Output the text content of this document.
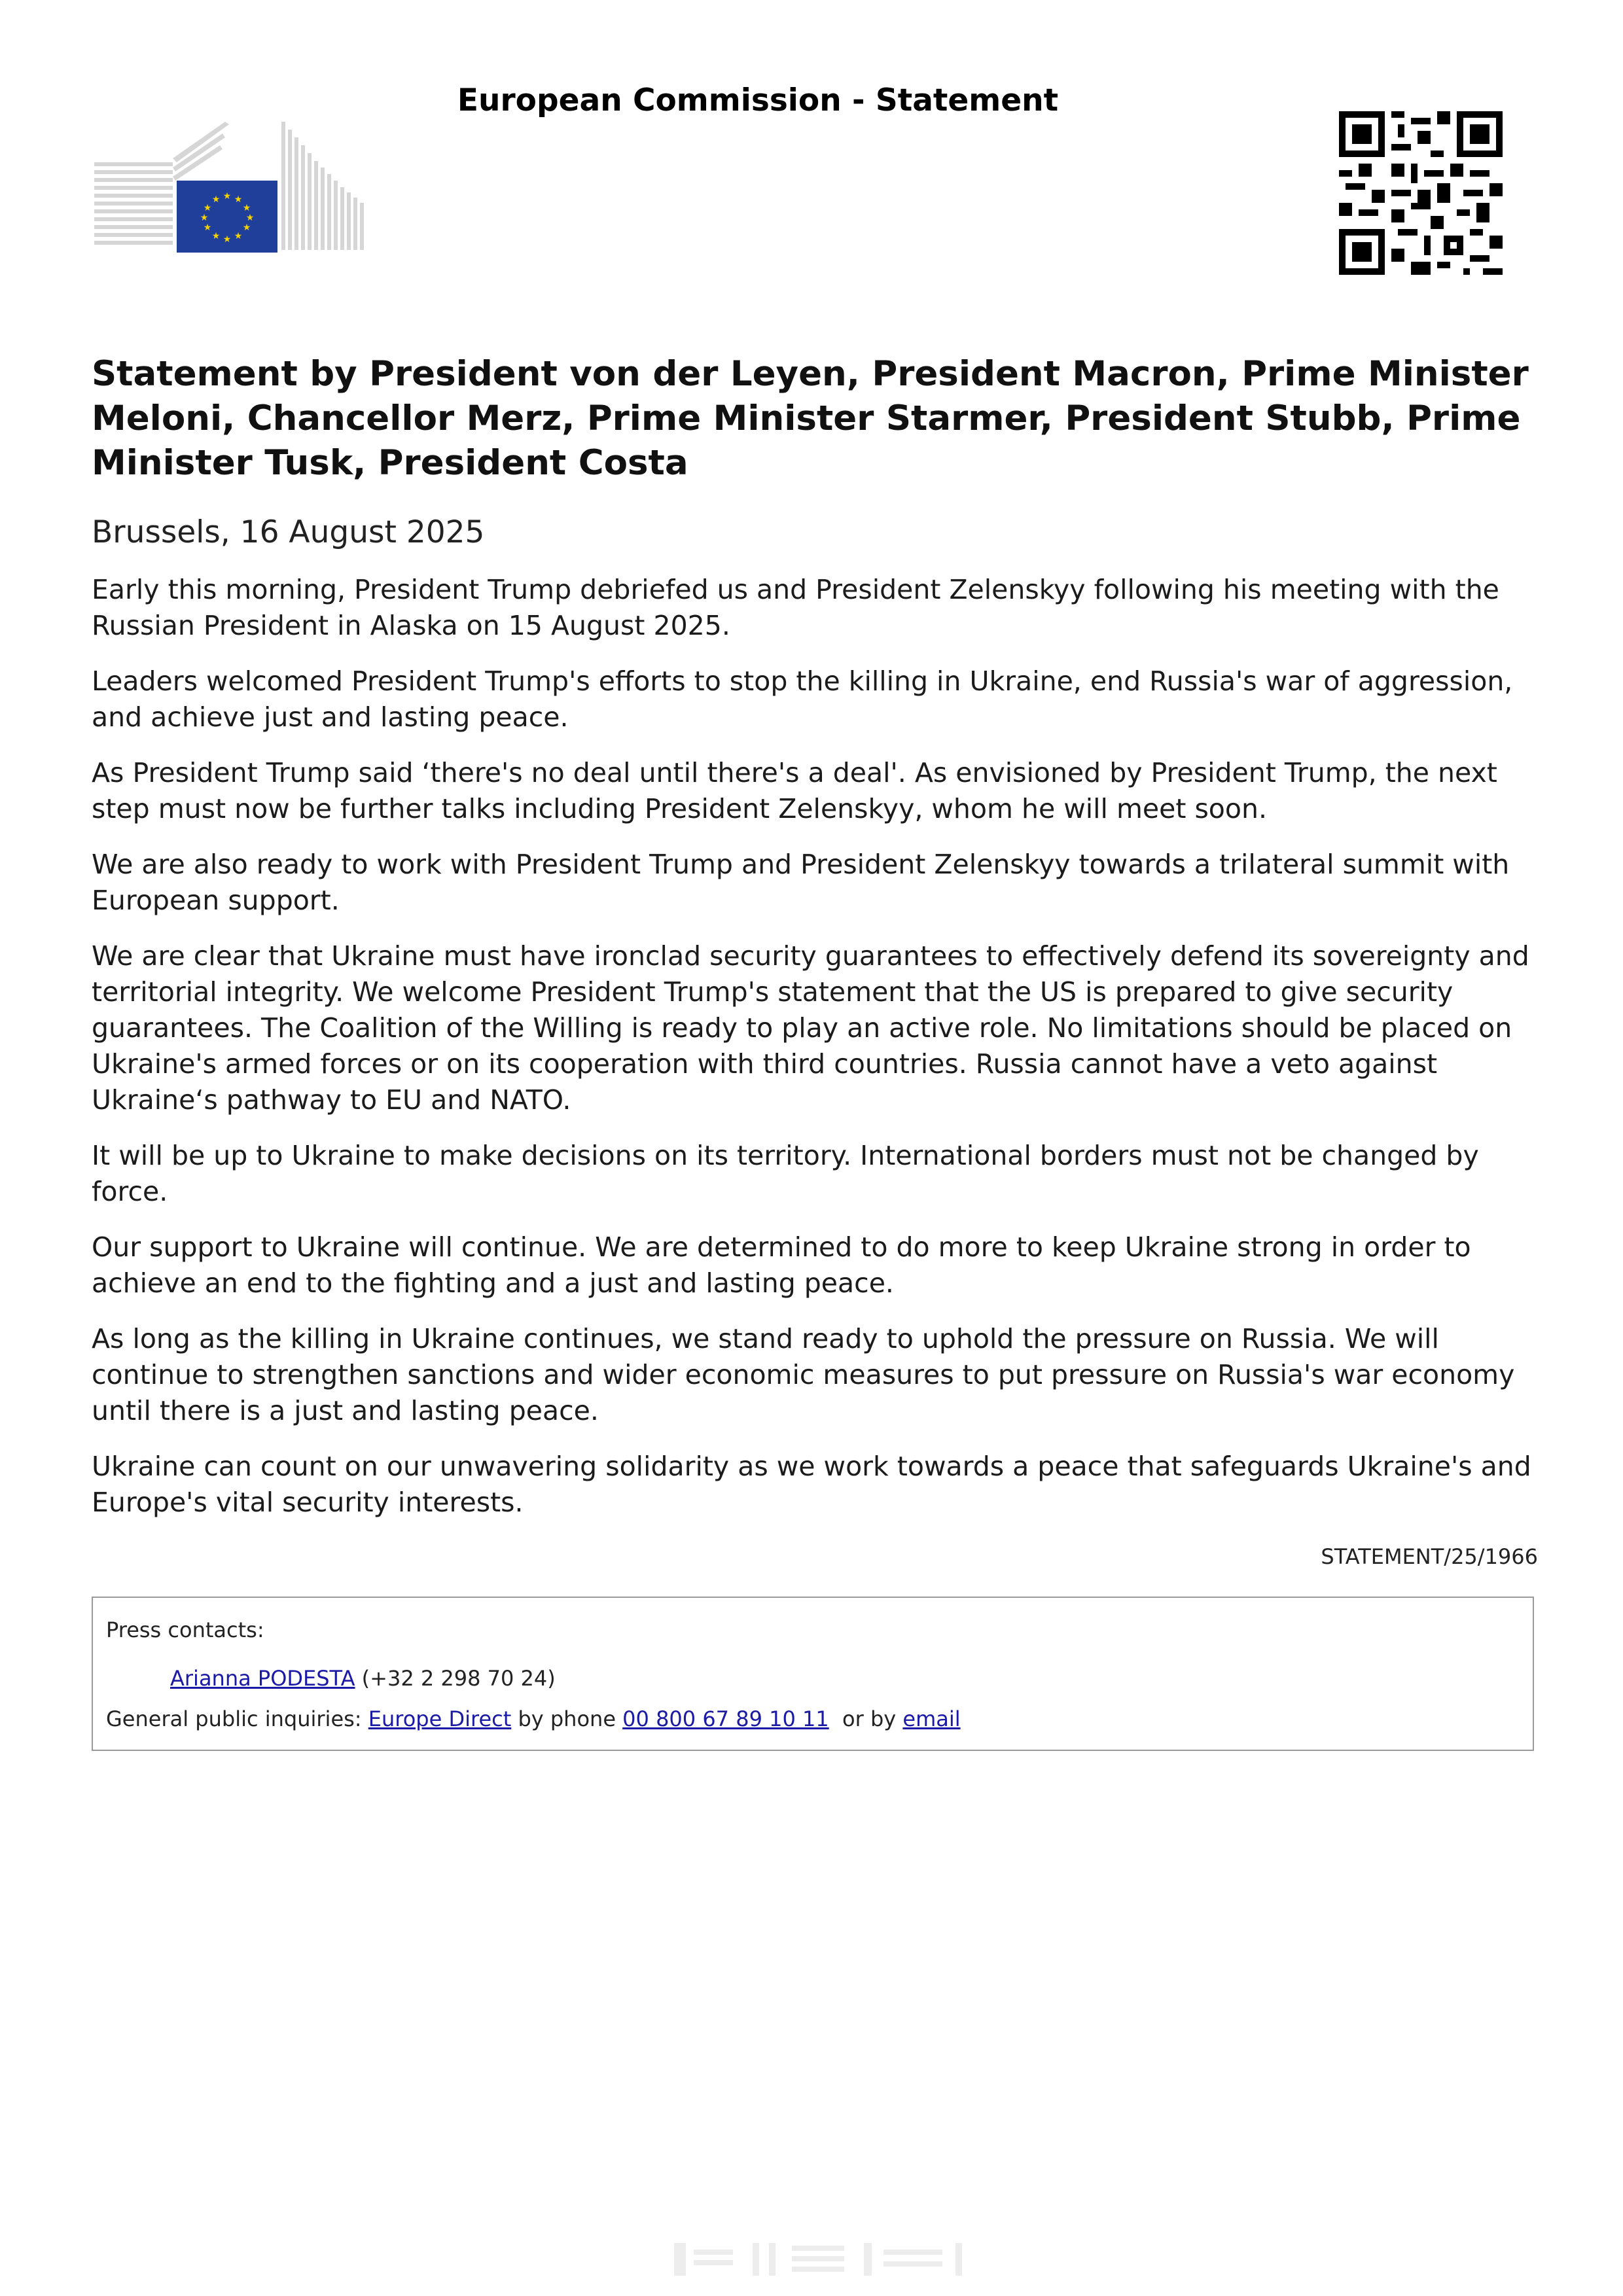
European Commission - Statement
★ ★
★
★
★
★
★
★
★
★
★
★
Statement by President von der Leyen, President Macron, Prime Minister Meloni, Chancellor Merz, Prime Minister Starmer, President Stubb, Prime Minister Tusk, President Costa
Brussels, 16 August 2025

Early this morning, President Trump debriefed us and President Zelenskyy following his meeting with the Russian President in Alaska on 15 August 2025.

Leaders welcomed President Trump's efforts to stop the killing in Ukraine, end Russia's war of aggression, and achieve just and lasting peace.

As President Trump said ‘there's no deal until there's a deal'. As envisioned by President Trump, the next step must now be further talks including President Zelenskyy, whom he will meet soon.

We are also ready to work with President Trump and President Zelenskyy towards a trilateral summit with European support.

We are clear that Ukraine must have ironclad security guarantees to effectively defend its sovereignty and territorial integrity. We welcome President Trump's statement that the US is prepared to give security guarantees. The Coalition of the Willing is ready to play an active role. No limitations should be placed on Ukraine's armed forces or on its cooperation with third countries. Russia cannot have a veto against Ukraine‘s pathway to EU and NATO.

It will be up to Ukraine to make decisions on its territory. International borders must not be changed by force.

Our support to Ukraine will continue. We are determined to do more to keep Ukraine strong in order to achieve an end to the fighting and a just and lasting peace.

As long as the killing in Ukraine continues, we stand ready to uphold the pressure on Russia. We will continue to strengthen sanctions and wider economic measures to put pressure on Russia's war economy until there is a just and lasting peace.

Ukraine can count on our unwavering solidarity as we work towards a peace that safeguards Ukraine's and Europe's vital security interests.

STATEMENT/25/1966
Press contacts:
Arianna PODESTA (+32 2 298 70 24)
General public inquiries: Europe Direct by phone 00 800 67 89 10 11 or by email
